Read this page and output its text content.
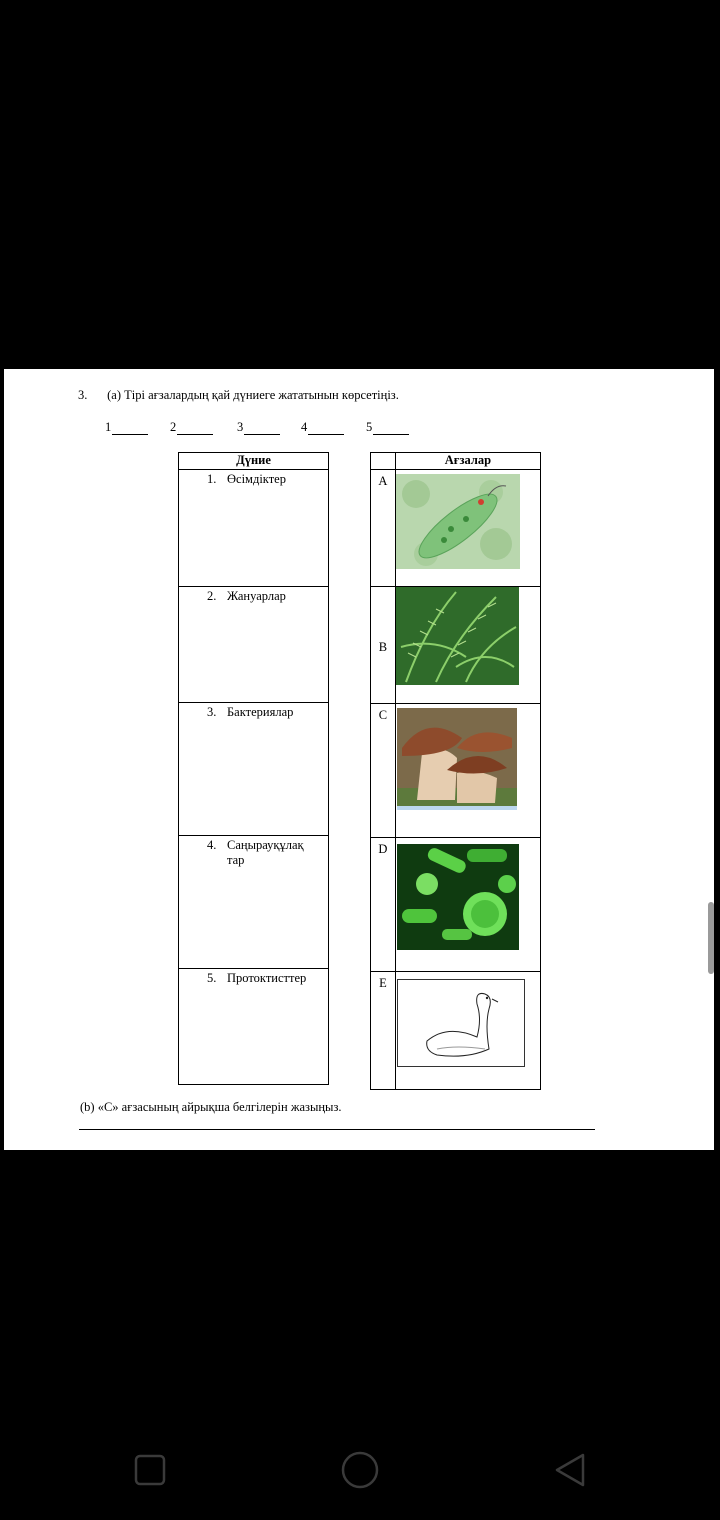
3. (a) Тірі ағзалардың қай дүниеге жататынын көрсетіңіз.
1	2	3	4	5
Дүние
1. Өсімдіктер
2. Жануарлар
3. Бактериялар

4. Саңырауқұлақ тар

5. Протоктисттер
	Ағзалар
A	

B	

C	

D	

E	
(b) «С» ағзасының айрықша белгілерін жазыңыз.
